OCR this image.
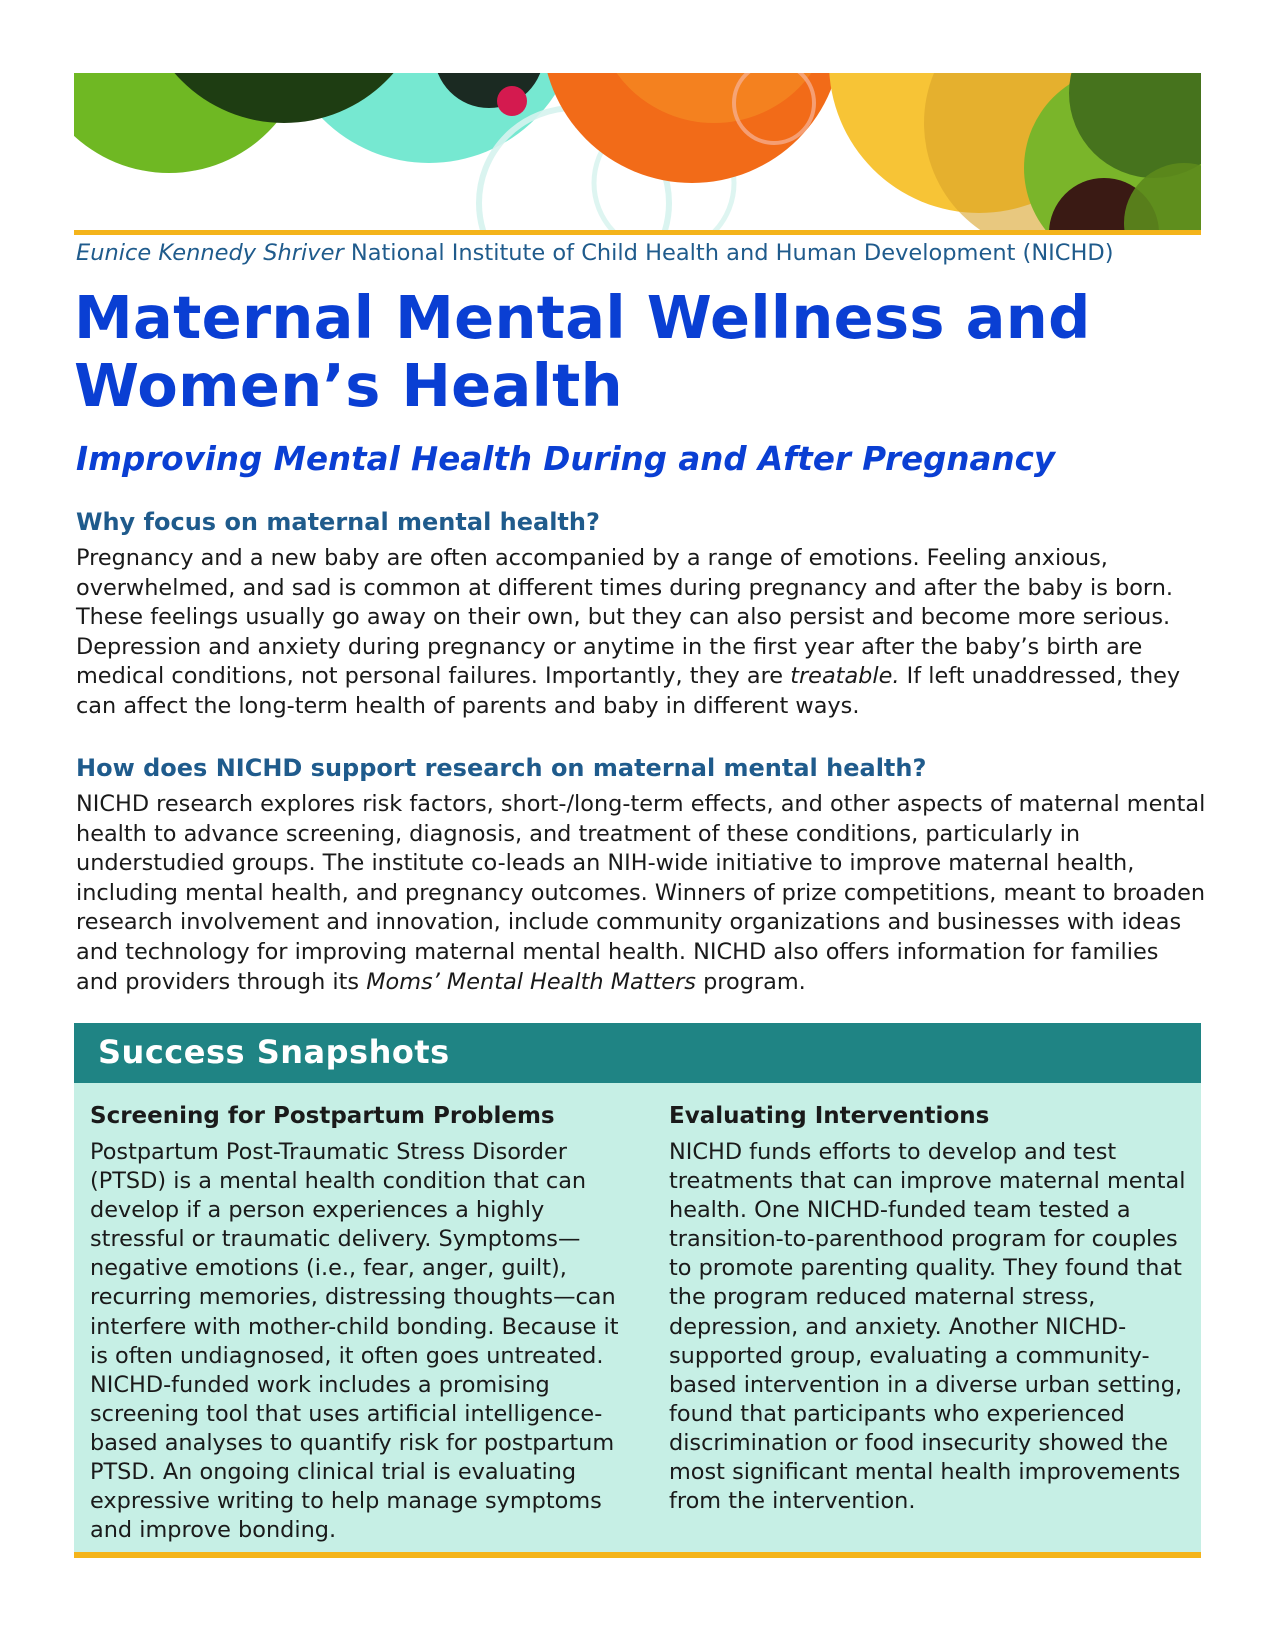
Eunice Kennedy Shriver National Institute of Child Health and Human Development (NICHD)
Maternal Mental Wellness and
Women’s Health
Improving Mental Health During and After Pregnancy
Why focus on maternal mental health?

Pregnancy and a new baby are often accompanied by a range of emotions. Feeling anxious, overwhelmed, and sad is common at different times during pregnancy and after the baby is born. These feelings usually go away on their own, but they can also persist and become more serious. Depression and anxiety during pregnancy or anytime in the first year after the baby’s birth are medical conditions, not personal failures. Importantly, they are treatable. If left unaddressed, they can affect the long-term health of parents and baby in different ways.

How does NICHD support research on maternal mental health?

NICHD research explores risk factors, short-/long-term effects, and other aspects of maternal mental health to advance screening, diagnosis, and treatment of these conditions, particularly in understudied groups. The institute co-leads an NIH-wide initiative to improve maternal health, including mental health, and pregnancy outcomes. Winners of prize competitions, meant to broaden research involvement and innovation, include community organizations and businesses with ideas and technology for improving maternal mental health. NICHD also offers information for families and providers through its Moms’ Mental Health Matters program.

Success Snapshots
Screening for Postpartum Problems

Postpartum Post-Traumatic Stress Disorder (PTSD) is a mental health condition that can develop if a person experiences a highly stressful or traumatic delivery. Symptoms—negative emotions (i.e., fear, anger, guilt), recurring memories, distressing thoughts—can interfere with mother-child bonding. Because it is often undiagnosed, it often goes untreated. NICHD-funded work includes a promising screening tool that uses artificial intelligence-based analyses to quantify risk for postpartum PTSD. An ongoing clinical trial is evaluating expressive writing to help manage symptoms and improve bonding.

Evaluating Interventions

NICHD funds efforts to develop and test treatments that can improve maternal mental health. One NICHD-funded team tested a transition-to-parenthood program for couples to promote parenting quality. They found that the program reduced maternal stress, depression, and anxiety. Another NICHD-supported group, evaluating a community-based intervention in a diverse urban setting, found that participants who experienced discrimination or food insecurity showed the most significant mental health improvements from the intervention.
